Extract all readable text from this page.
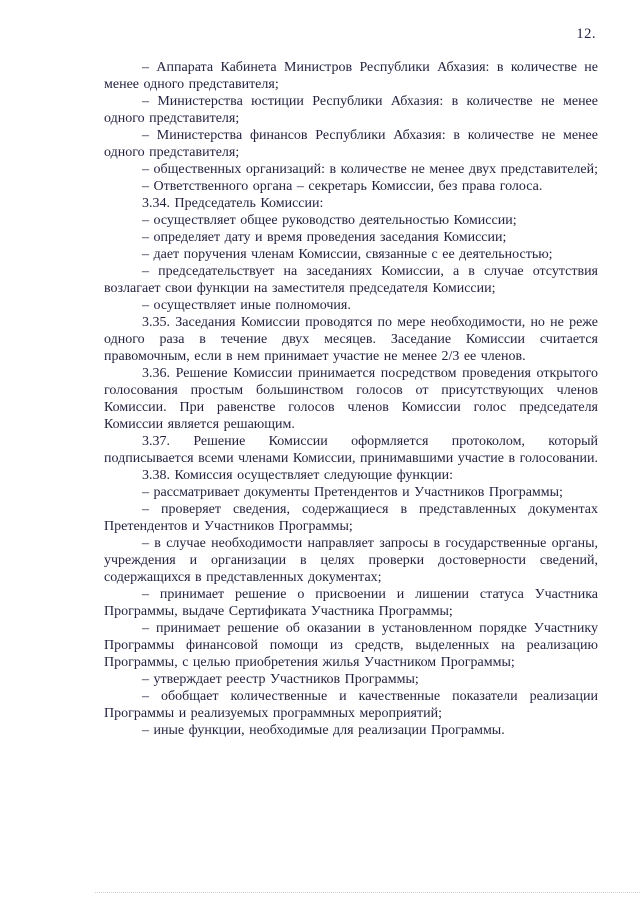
12.

– Аппарата Кабинета Министров Республики Абхазия: в количестве не менее одного представителя;

– Министерства юстиции Республики Абхазия: в количестве не менее одного представителя;

– Министерства финансов Республики Абхазия: в количестве не менее одного представителя;

– общественных организаций: в количестве не менее двух представителей;

– Ответственного органа – секретарь Комиссии, без права голоса.

3.34. Председатель Комиссии:

– осуществляет общее руководство деятельностью Комиссии;

– определяет дату и время проведения заседания Комиссии;

– дает поручения членам Комиссии, связанные с ее деятельностью;

– председательствует на заседаниях Комиссии, а в случае отсутствия возлагает свои функции на заместителя председателя Комиссии;

– осуществляет иные полномочия.

3.35. Заседания Комиссии проводятся по мере необходимости, но не реже одного раза в течение двух месяцев. Заседание Комиссии считается правомочным, если в нем принимает участие не менее 2/3 ее членов.

3.36. Решение Комиссии принимается посредством проведения открытого голосования простым большинством голосов от присутствующих членов Комиссии. При равенстве голосов членов Комиссии голос председателя Комиссии является решающим.

3.37. Решение Комиссии оформляется протоколом, который подписывается всеми членами Комиссии, принимавшими участие в голосовании.

3.38. Комиссия осуществляет следующие функции:

– рассматривает документы Претендентов и Участников Программы;

– проверяет сведения, содержащиеся в представленных документах Претендентов и Участников Программы;

– в случае необходимости направляет запросы в государственные органы, учреждения и организации в целях проверки достоверности сведений, содержащихся в представленных документах;

– принимает решение о присвоении и лишении статуса Участника Программы, выдаче Сертификата Участника Программы;

– принимает решение об оказании в установленном порядке Участнику Программы финансовой помощи из средств, выделенных на реализацию Программы, с целью приобретения жилья Участником Программы;

– утверждает реестр Участников Программы;

– обобщает количественные и качественные показатели реализации Программы и реализуемых программных мероприятий;

– иные функции, необходимые для реализации Программы.
